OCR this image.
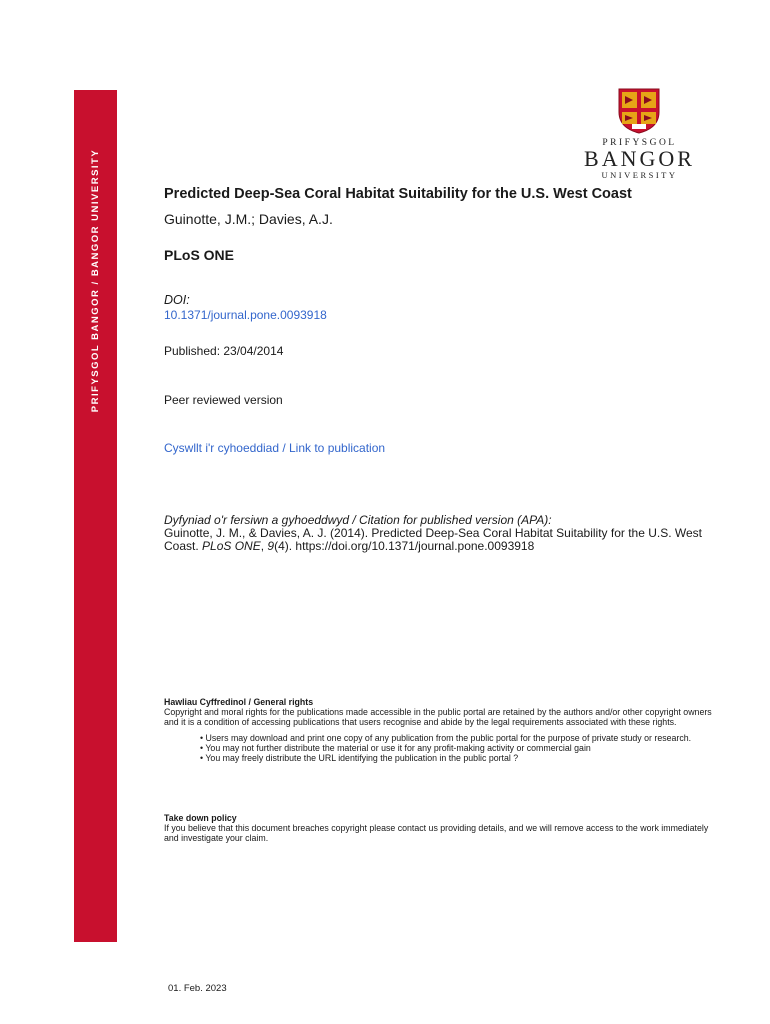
PRIFYSGOL BANGOR / BANGOR UNIVERSITY
PRIFYSGOL
BANGOR
UNIVERSITY
Predicted Deep-Sea Coral Habitat Suitability for the U.S. West Coast
Guinotte, J.M.; Davies, A.J.
PLoS ONE
DOI:
10.1371/journal.pone.0093918
Published: 23/04/2014
Peer reviewed version
Cyswllt i'r cyhoeddiad / Link to publication
Dyfyniad o'r fersiwn a gyhoeddwyd / Citation for published version (APA):
Guinotte, J. M., & Davies, A. J. (2014). Predicted Deep-Sea Coral Habitat Suitability for the U.S. West Coast. PLoS ONE, 9(4). https://doi.org/10.1371/journal.pone.0093918
Hawliau Cyffredinol / General rights
Copyright and moral rights for the publications made accessible in the public portal are retained by the authors and/or other copyright owners and it is a condition of accessing publications that users recognise and abide by the legal requirements associated with these rights.
• Users may download and print one copy of any publication from the public portal for the purpose of private study or research.
• You may not further distribute the material or use it for any profit-making activity or commercial gain
• You may freely distribute the URL identifying the publication in the public portal ?
Take down policy
If you believe that this document breaches copyright please contact us providing details, and we will remove access to the work immediately and investigate your claim.
01. Feb. 2023
